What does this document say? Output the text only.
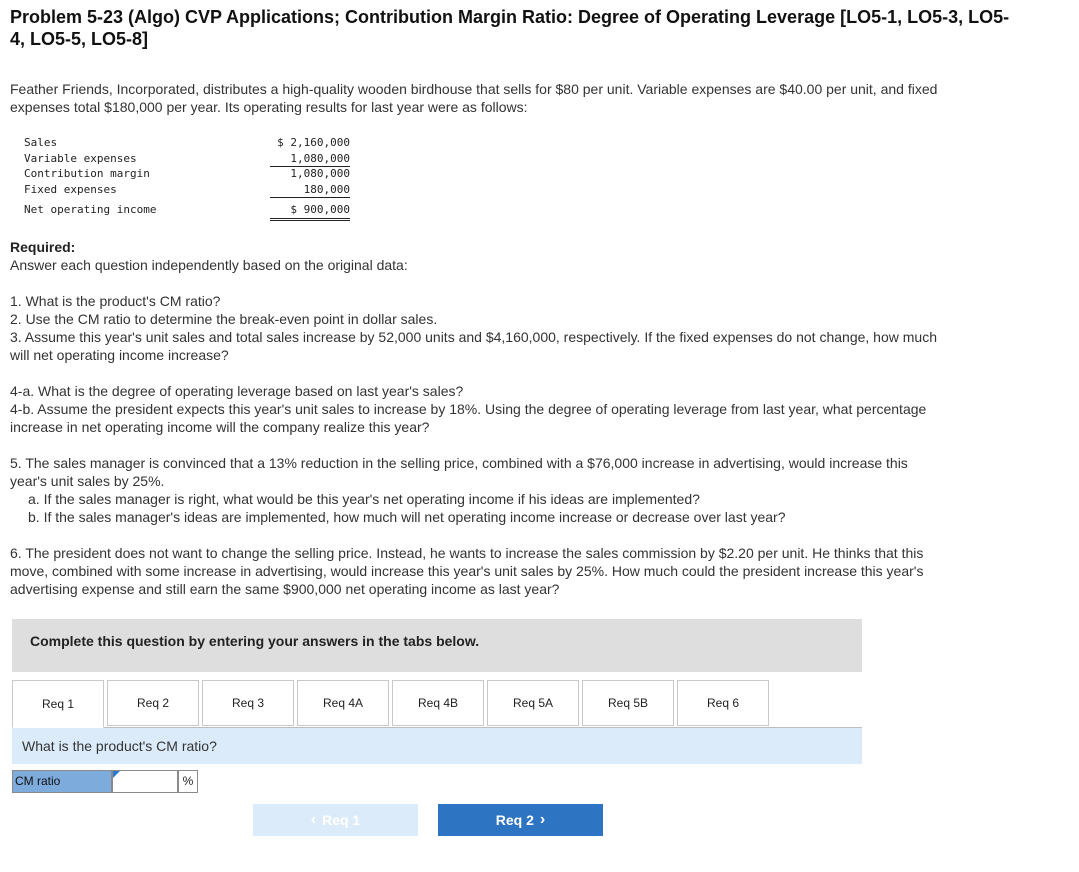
Problem 5-23 (Algo) CVP Applications; Contribution Margin Ratio: Degree of Operating Leverage [LO5-1, LO5-3, LO5-4, LO5-5, LO5-8]

Feather Friends, Incorporated, distributes a high-quality wooden birdhouse that sells for $80 per unit. Variable expenses are $40.00 per unit, and fixed expenses total $180,000 per year. Its operating results for last year were as follows:

Sales	$ 2,160,000
Variable expenses	1,080,000
Contribution margin	1,080,000
Fixed expenses	180,000
Net operating income	$ 900,000

Required:

Answer each question independently based on the original data:

1. What is the product's CM ratio?

2. Use the CM ratio to determine the break-even point in dollar sales.

3. Assume this year's unit sales and total sales increase by 52,000 units and $4,160,000, respectively. If the fixed expenses do not change, how much will net operating income increase?

4-a. What is the degree of operating leverage based on last year's sales?

4-b. Assume the president expects this year's unit sales to increase by 18%. Using the degree of operating leverage from last year, what percentage increase in net operating income will the company realize this year?

5. The sales manager is convinced that a 13% reduction in the selling price, combined with a $76,000 increase in advertising, would increase this year's unit sales by 25%.

a. If the sales manager is right, what would be this year's net operating income if his ideas are implemented?

b. If the sales manager's ideas are implemented, how much will net operating income increase or decrease over last year?

6. The president does not want to change the selling price. Instead, he wants to increase the sales commission by $2.20 per unit. He thinks that this move, combined with some increase in advertising, would increase this year's unit sales by 25%. How much could the president increase this year's advertising expense and still earn the same $900,000 net operating income as last year?

Complete this question by entering your answers in the tabs below.
Req 1	Req 2	Req 3	Req 4A	Req 4B	Req 5A	Req 5B	Req 6
What is the product's CM ratio?
CM ratio	%
‹ Req 1	Req 2 ›
